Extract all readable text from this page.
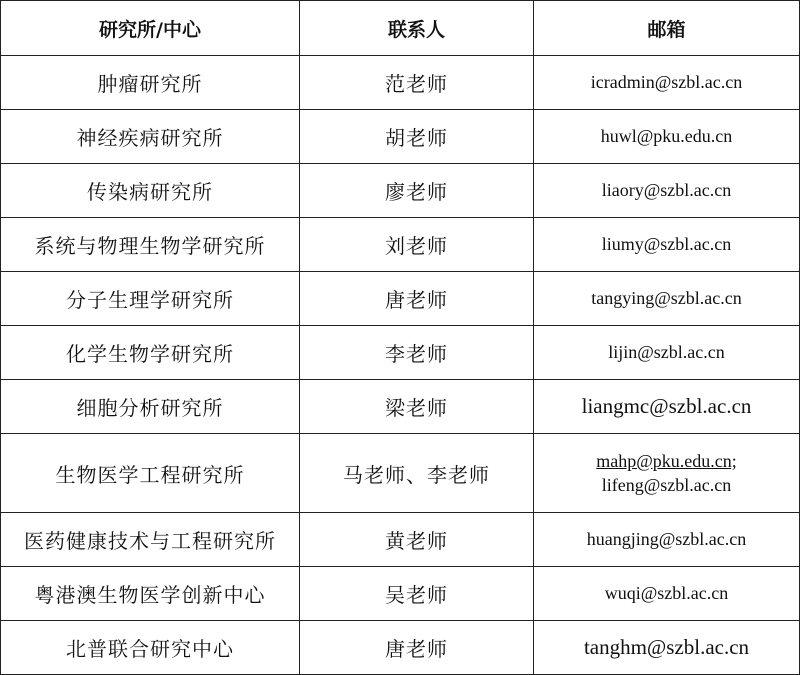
研究所/中心	联系人	邮箱
肿瘤研究所	范老师	icradmin@szbl.ac.cn

神经疾病研究所	胡老师	huwl@pku.edu.cn

传染病研究所	廖老师	liaory@szbl.ac.cn

系统与物理生物学研究所	刘老师	liumy@szbl.ac.cn

分子生理学研究所	唐老师	tangying@szbl.ac.cn

化学生物学研究所	李老师	lijin@szbl.ac.cn

细胞分析研究所	梁老师	liangmc@szbl.ac.cn

生物医学工程研究所	马老师、李老师	mahp@pku.edu.cn;
lifeng@szbl.ac.cn

医药健康技术与工程研究所	黄老师	huangjing@szbl.ac.cn

粤港澳生物医学创新中心	吴老师	wuqi@szbl.ac.cn

北普联合研究中心	唐老师	tanghm@szbl.ac.cn
